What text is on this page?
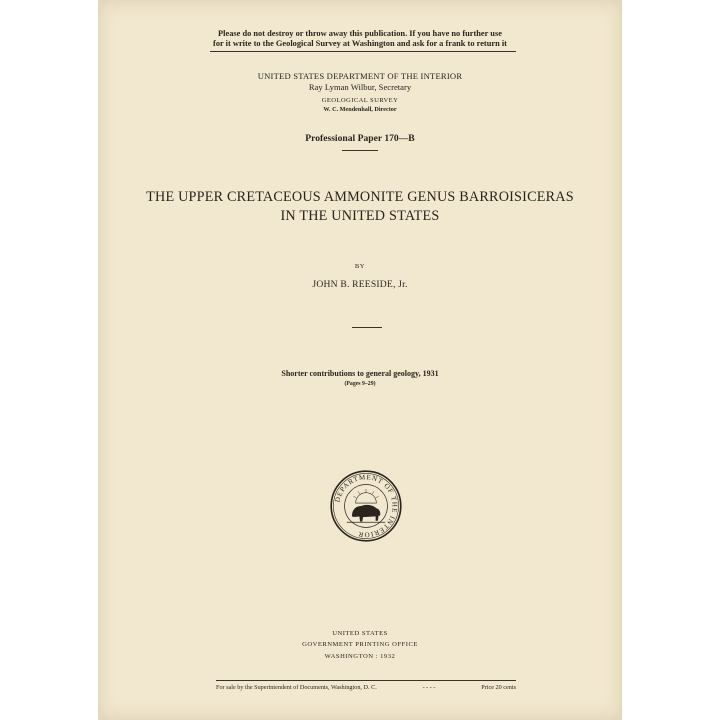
Please do not destroy or throw away this publication. If you have no further use
for it write to the Geological Survey at Washington and ask for a frank to return it
UNITED STATES DEPARTMENT OF THE INTERIOR
Ray Lyman Wilbur, Secretary
GEOLOGICAL SURVEY
W. C. Mendenhall, Director
Professional Paper 170—B
THE UPPER CRETACEOUS AMMONITE GENUS BARROISICERAS
IN THE UNITED STATES
BY
JOHN B. REESIDE, Jr.
Shorter contributions to general geology, 1931
(Pages 9–29)
DEPARTMENT OF THE INTERIOR
UNITED STATES
GOVERNMENT PRINTING OFFICE
WASHINGTON : 1932
For sale by the Superintendent of Documents, Washington, D. C.	- - - -	Price 20 cents
